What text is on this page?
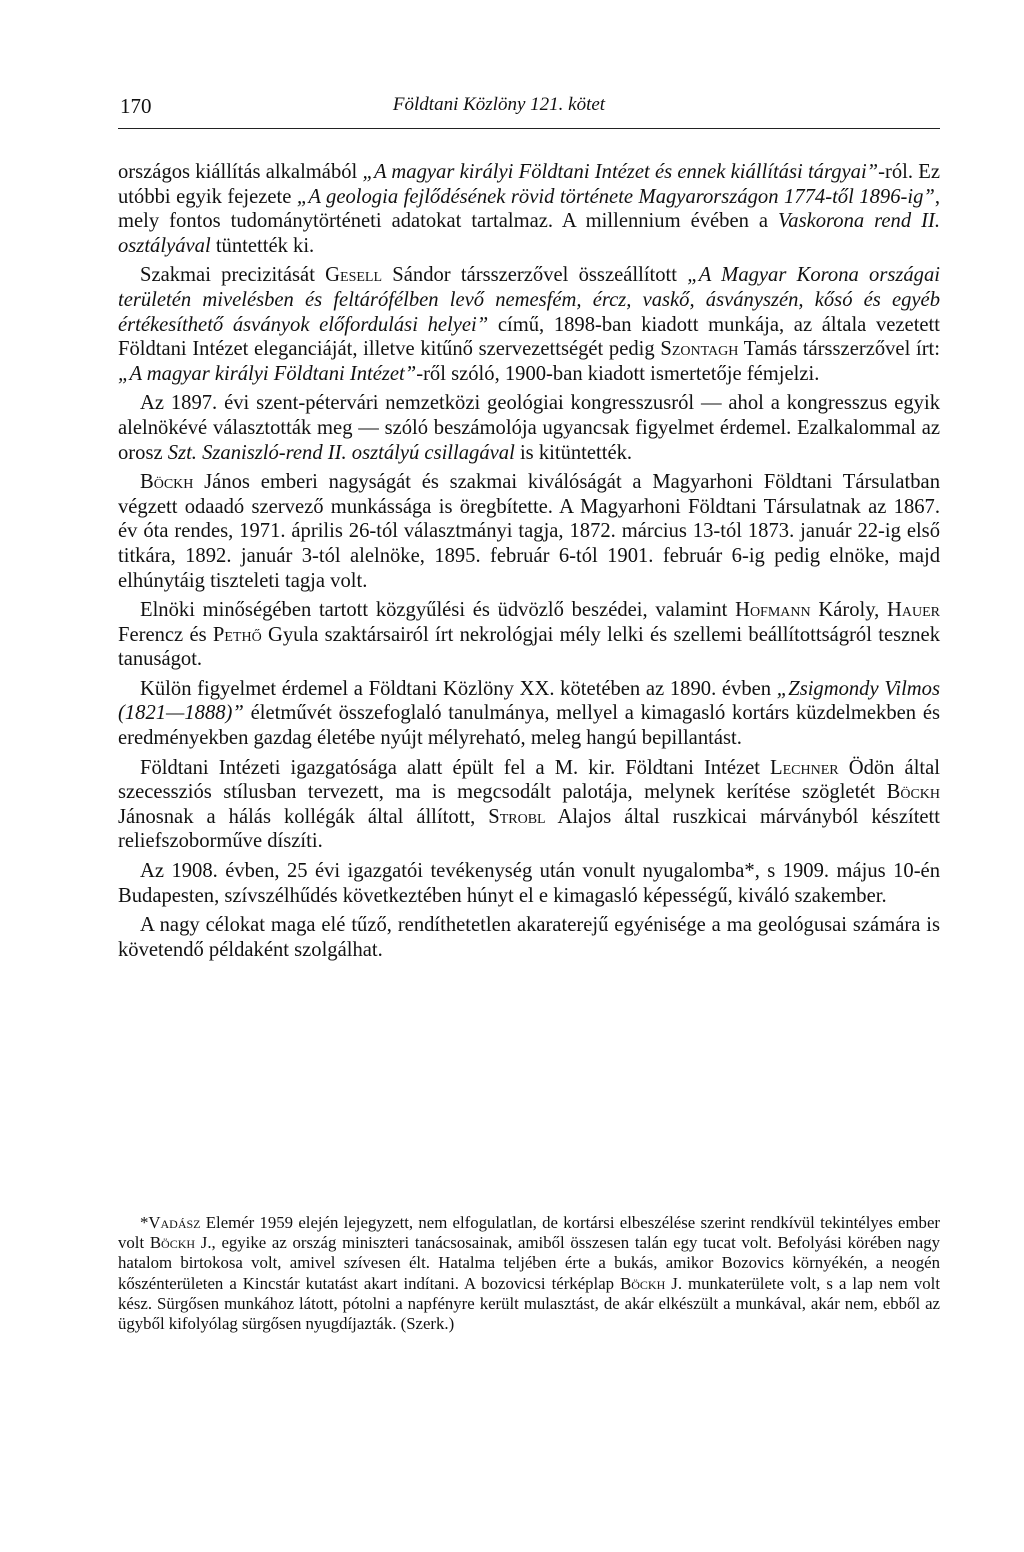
170	Földtani Közlöny 121. kötet

országos kiállítás alkalmából „A magyar királyi Földtani Intézet és ennek kiállítási tárgyai”-ról. Ez utóbbi egyik fejezete „A geologia fejlődésének rövid története Magyarországon 1774-től 1896-ig”, mely fontos tudománytörténeti adatokat tartalmaz. A millennium évében a Vaskorona rend II. osztályával tüntették ki.

Szakmai precizitását Gesell Sándor társszerzővel összeállított „A Magyar Korona országai területén mivelésben és feltárófélben levő nemesfém, ércz, vaskő, ásványszén, kősó és egyéb értékesíthető ásványok előfordulási helyei” című, 1898-ban kiadott munkája, az általa vezetett Földtani Intézet eleganciáját, illetve kitűnő szervezettségét pedig Szontagh Tamás társszerzővel írt: „A magyar királyi Földtani Intézet”-ről szóló, 1900-ban kiadott ismertetője fémjelzi.

Az 1897. évi szent-pétervári nemzetközi geológiai kongresszusról — ahol a kongresszus egyik alelnökévé választották meg — szóló beszámolója ugyancsak figyelmet érdemel. Ezalkalommal az orosz Szt. Szaniszló-rend II. osztályú csillagával is kitüntették.

Böckh János emberi nagyságát és szakmai kiválóságát a Magyarhoni Földtani Társulatban végzett odaadó szervező munkássága is öregbítette. A Magyarhoni Földtani Társulatnak az 1867. év óta rendes, 1971. április 26-tól választmányi tagja, 1872. március 13-tól 1873. január 22-ig első titkára, 1892. január 3-tól alelnöke, 1895. február 6-tól 1901. február 6-ig pedig elnöke, majd elhúnytáig tiszteleti tagja volt.

Elnöki minőségében tartott közgyűlési és üdvözlő beszédei, valamint Hofmann Károly, Hauer Ferencz és Pethő Gyula szaktársairól írt nekrológjai mély lelki és szellemi beállítottságról tesznek tanuságot.

Külön figyelmet érdemel a Földtani Közlöny XX. kötetében az 1890. évben „Zsigmondy Vilmos (1821—1888)” életművét összefoglaló tanulmánya, mellyel a kimagasló kortárs küzdelmekben és eredményekben gazdag életébe nyújt mélyreható, meleg hangú bepillantást.

Földtani Intézeti igazgatósága alatt épült fel a M. kir. Földtani Intézet Lechner Ödön által szecessziós stílusban tervezett, ma is megcsodált palotája, melynek kerítése szögletét Böckh Jánosnak a hálás kollégák által állított, Strobl Alajos által ruszkicai márványból készített reliefszoborműve díszíti.

Az 1908. évben, 25 évi igazgatói tevékenység után vonult nyugalomba*, s 1909. május 10-én Budapesten, szívszélhűdés következtében húnyt el e kimagasló képességű, kiváló szakember.

A nagy célokat maga elé tűző, rendíthetetlen akaraterejű egyénisége a ma geológusai számára is követendő példaként szolgálhat.

*Vadász Elemér 1959 elején lejegyzett, nem elfogulatlan, de kortársi elbeszélése szerint rendkívül tekintélyes ember volt Böckh J., egyike az ország miniszteri tanácsosainak, amiből összesen talán egy tucat volt. Befolyási körében nagy hatalom birtokosa volt, amivel szívesen élt. Hatalma teljében érte a bukás, amikor Bozovics környékén, a neogén kőszénterületen a Kincstár kutatást akart indítani. A bozovicsi térképlap Böckh J. munkaterülete volt, s a lap nem volt kész. Sürgősen munkához látott, pótolni a napfényre került mulasztást, de akár elkészült a munkával, akár nem, ebből az ügyből kifolyólag sürgősen nyugdíjazták. (Szerk.)
